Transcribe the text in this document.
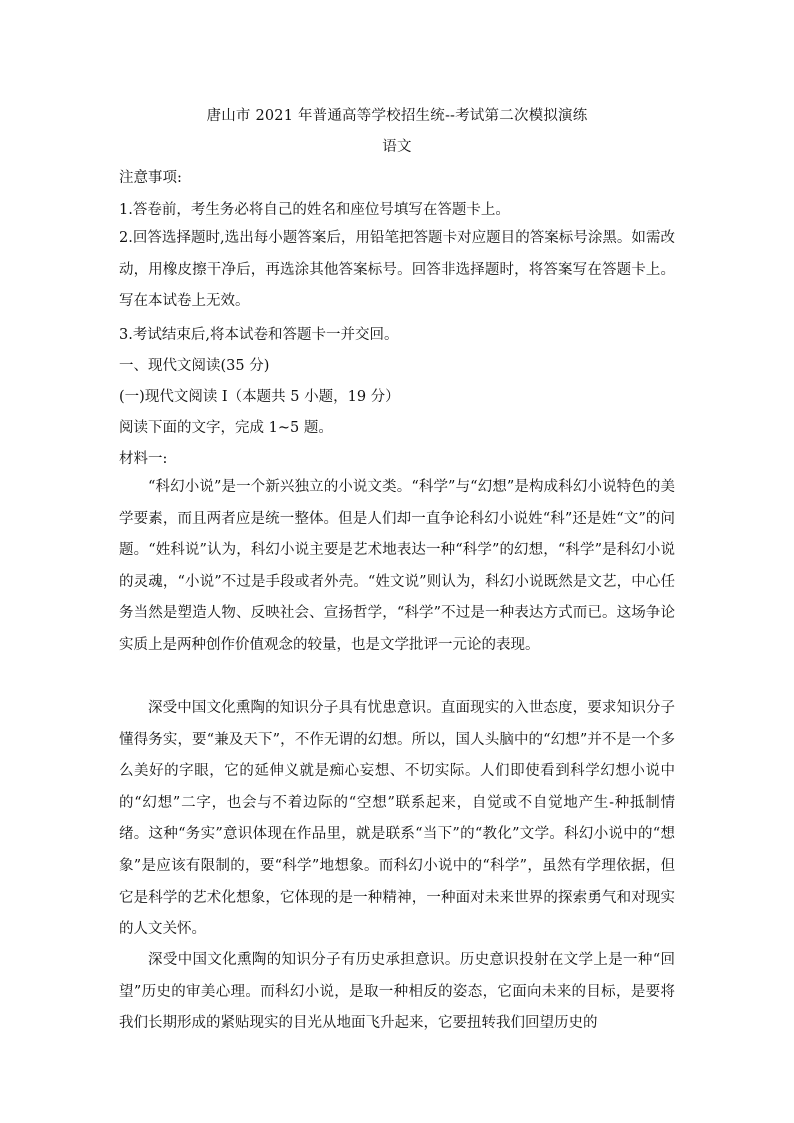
唐山市 2021 年普通高等学校招生统--考试第二次模拟演练
语文
注意事项:
1.答卷前，考生务必将自己的姓名和座位号填写在答题卡上。

2.回答选择题时,选出每小题答案后，用铅笔把答题卡对应题目的答案标号涂黑。如需改动，用橡皮擦干净后，再选涂其他答案标号。回答非选择题时，将答案写在答题卡上。写在本试卷上无效。

3.考试结束后,将本试卷和答题卡一并交回。
一、现代文阅读(35 分)
(一)现代文阅读 I（本题共 5 小题，19 分）
阅读下面的文字，完成 1~5 题。
材料一:

“科幻小说”是一个新兴独立的小说文类。“科学”与“幻想”是构成科幻小说特色的美学要素，而且两者应是统一整体。但是人们却一直争论科幻小说姓“科”还是姓“文”的问题。“姓科说”认为，科幻小说主要是艺术地表达一种“科学”的幻想，“科学”是科幻小说的灵魂，“小说”不过是手段或者外壳。“姓文说”则认为，科幻小说既然是文艺，中心任务当然是塑造人物、反映社会、宣扬哲学，“科学”不过是一种表达方式而已。这场争论实质上是两种创作价值观念的较量，也是文学批评一元论的表现。

深受中国文化熏陶的知识分子具有忧患意识。直面现实的入世态度，要求知识分子懂得务实，要“兼及天下”，不作无谓的幻想。所以，国人头脑中的“幻想”并不是一个多么美好的字眼，它的延伸义就是痴心妄想、不切实际。人们即使看到科学幻想小说中的“幻想”二字，也会与不着边际的“空想”联系起来，自觉或不自觉地产生-种抵制情绪。这种“务实”意识体现在作品里，就是联系“当下”的“教化”文学。科幻小说中的“想象”是应该有限制的，要“科学”地想象。而科幻小说中的“科学”，虽然有学理依据，但它是科学的艺术化想象，它体现的是一种精神，一种面对未来世界的探索勇气和对现实的人文关怀。

深受中国文化熏陶的知识分子有历史承担意识。历史意识投射在文学上是一种“回望”历史的审美心理。而科幻小说，是取一种相反的姿态，它面向未来的目标，是要将我们长期形成的紧贴现实的目光从地面飞升起来，它要扭转我们回望历史的
